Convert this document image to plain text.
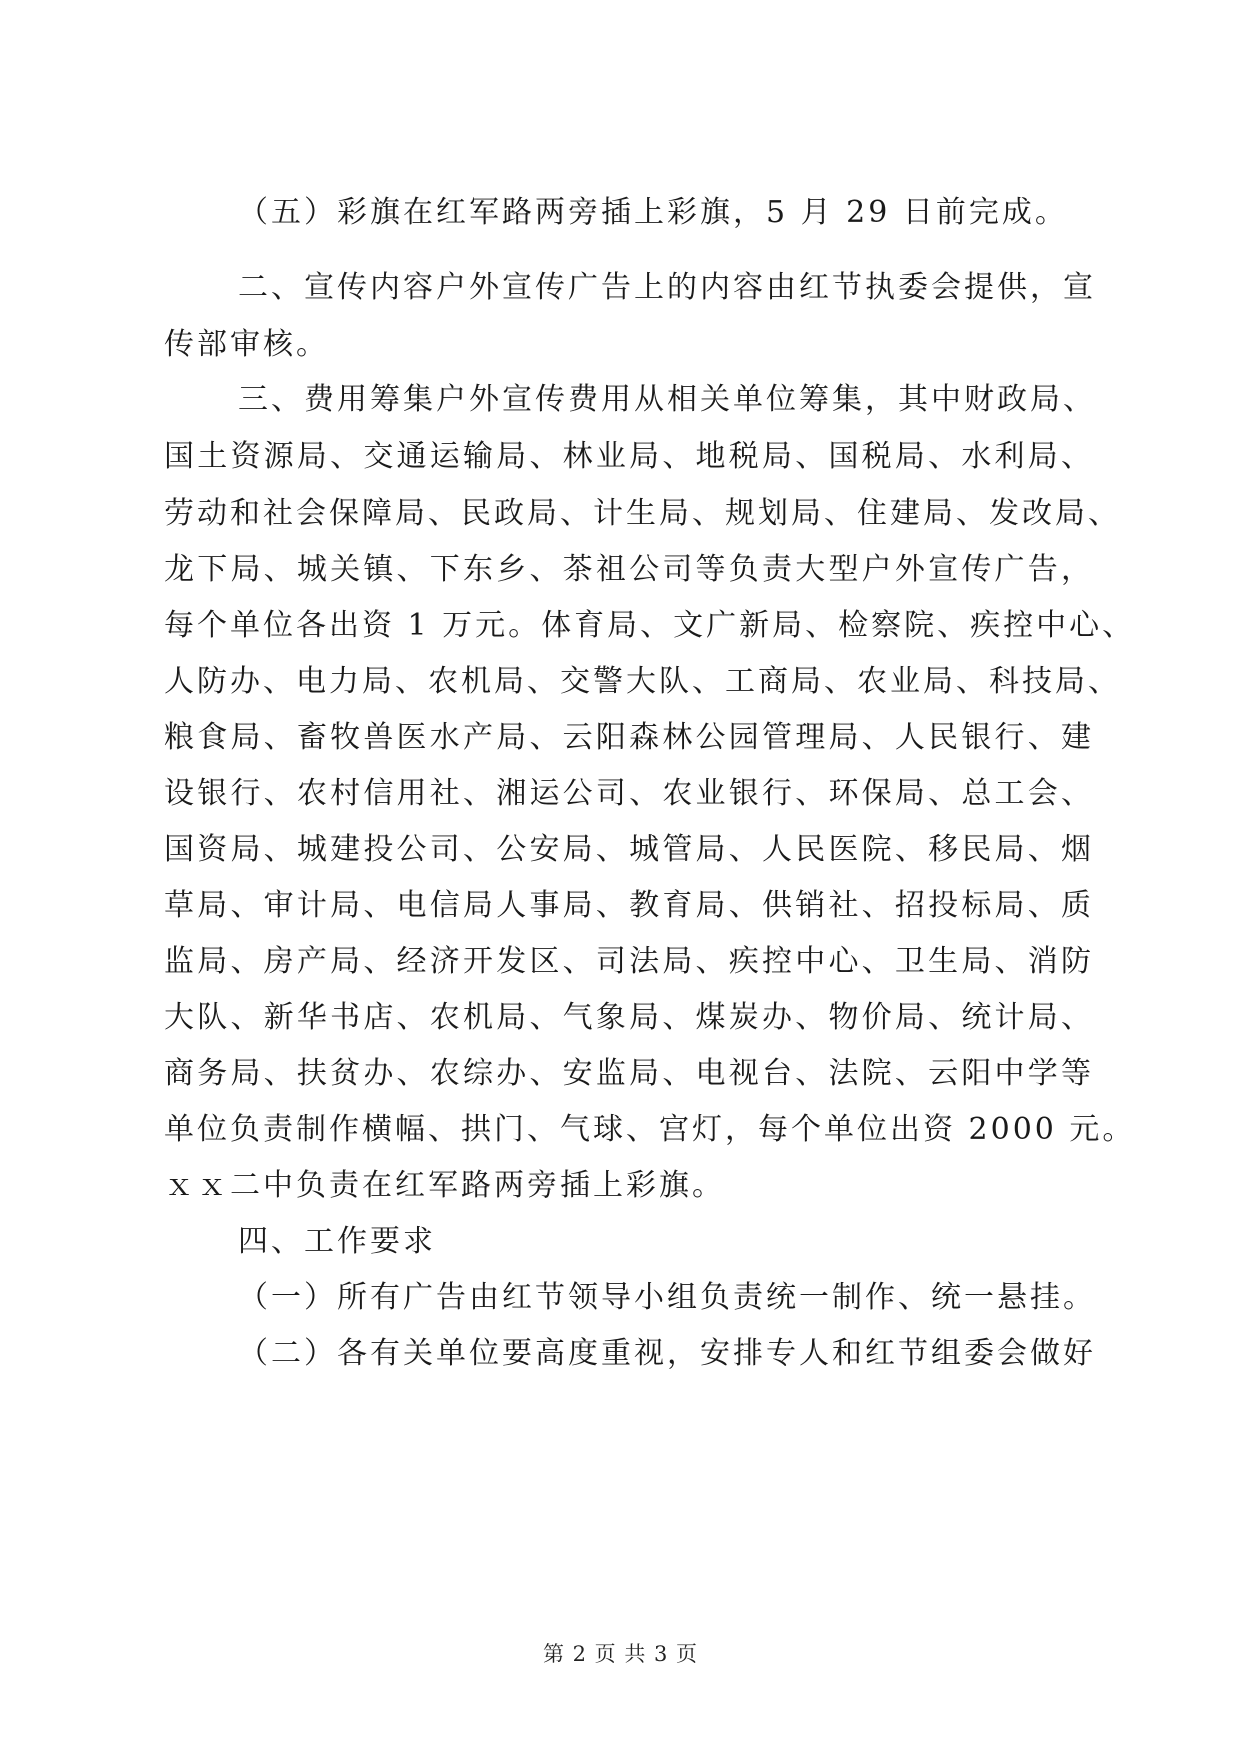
（五）彩旗在红军路两旁插上彩旗，5 月 29 日前完成。
二、宣传内容户外宣传广告上的内容由红节执委会提供，宣
传部审核。
三、费用筹集户外宣传费用从相关单位筹集，其中财政局、
国土资源局、交通运输局、林业局、地税局、国税局、水利局、
劳动和社会保障局、民政局、计生局、规划局、住建局、发改局、
龙下局、城关镇、下东乡、茶祖公司等负责大型户外宣传广告，
每个单位各出资 1 万元。体育局、文广新局、检察院、疾控中心、
人防办、电力局、农机局、交警大队、工商局、农业局、科技局、
粮食局、畜牧兽医水产局、云阳森林公园管理局、人民银行、建
设银行、农村信用社、湘运公司、农业银行、环保局、总工会、
国资局、城建投公司、公安局、城管局、人民医院、移民局、烟
草局、审计局、电信局人事局、教育局、供销社、招投标局、质
监局、房产局、经济开发区、司法局、疾控中心、卫生局、消防
大队、新华书店、农机局、气象局、煤炭办、物价局、统计局、
商务局、扶贫办、农综办、安监局、电视台、法院、云阳中学等
单位负责制作横幅、拱门、气球、宫灯，每个单位出资 2000 元。
ｘｘ二中负责在红军路两旁插上彩旗。
四、工作要求
（一）所有广告由红节领导小组负责统一制作、统一悬挂。
（二）各有关单位要高度重视，安排专人和红节组委会做好
第 2 页 共 3 页
